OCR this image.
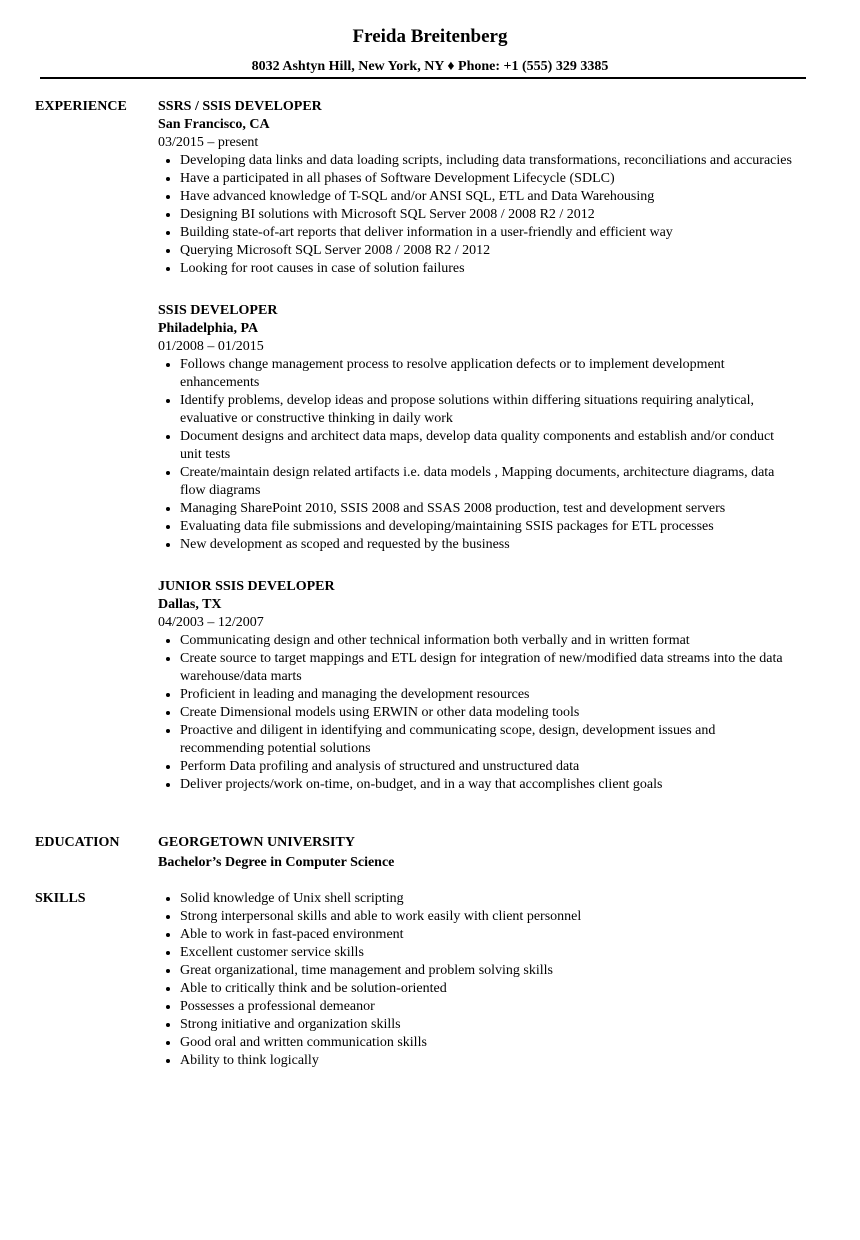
Freida Breitenberg
8032 Ashtyn Hill, New York, NY ♦ Phone: +1 (555) 329 3385
EXPERIENCE SSRS / SSIS DEVELOPER
San Francisco, CA
03/2015 – present
• Developing data links and data loading scripts, including data transformations, reconciliations and accuracies
• Have a participated in all phases of Software Development Lifecycle (SDLC)
• Have advanced knowledge of T-SQL and/or ANSI SQL, ETL and Data Warehousing
• Designing BI solutions with Microsoft SQL Server 2008 / 2008 R2 / 2012
• Building state-of-art reports that deliver information in a user-friendly and efficient way
• Querying Microsoft SQL Server 2008 / 2008 R2 / 2012
• Looking for root causes in case of solution failures
SSIS DEVELOPER
Philadelphia, PA
01/2008 – 01/2015
• Follows change management process to resolve application defects or to implement development enhancements
• Identify problems, develop ideas and propose solutions within differing situations requiring analytical, evaluative or constructive thinking in daily work
• Document designs and architect data maps, develop data quality components and establish and/or conduct unit tests
• Create/maintain design related artifacts i.e. data models , Mapping documents, architecture diagrams, data flow diagrams
• Managing SharePoint 2010, SSIS 2008 and SSAS 2008 production, test and development servers
• Evaluating data file submissions and developing/maintaining SSIS packages for ETL processes
• New development as scoped and requested by the business
JUNIOR SSIS DEVELOPER
Dallas, TX
04/2003 – 12/2007
• Communicating design and other technical information both verbally and in written format
• Create source to target mappings and ETL design for integration of new/modified data streams into the data warehouse/data marts
• Proficient in leading and managing the development resources
• Create Dimensional models using ERWIN or other data modeling tools
• Proactive and diligent in identifying and communicating scope, design, development issues and recommending potential solutions
• Perform Data profiling and analysis of structured and unstructured data
• Deliver projects/work on-time, on-budget, and in a way that accomplishes client goals
EDUCATION	GEORGETOWN UNIVERSITY
Bachelor’s Degree in Computer Science
SKILLS	• Solid knowledge of Unix shell scripting
• Strong interpersonal skills and able to work easily with client personnel
• Able to work in fast-paced environment
• Excellent customer service skills
• Great organizational, time management and problem solving skills
• Able to critically think and be solution-oriented
• Possesses a professional demeanor
• Strong initiative and organization skills
• Good oral and written communication skills
• Ability to think logically
